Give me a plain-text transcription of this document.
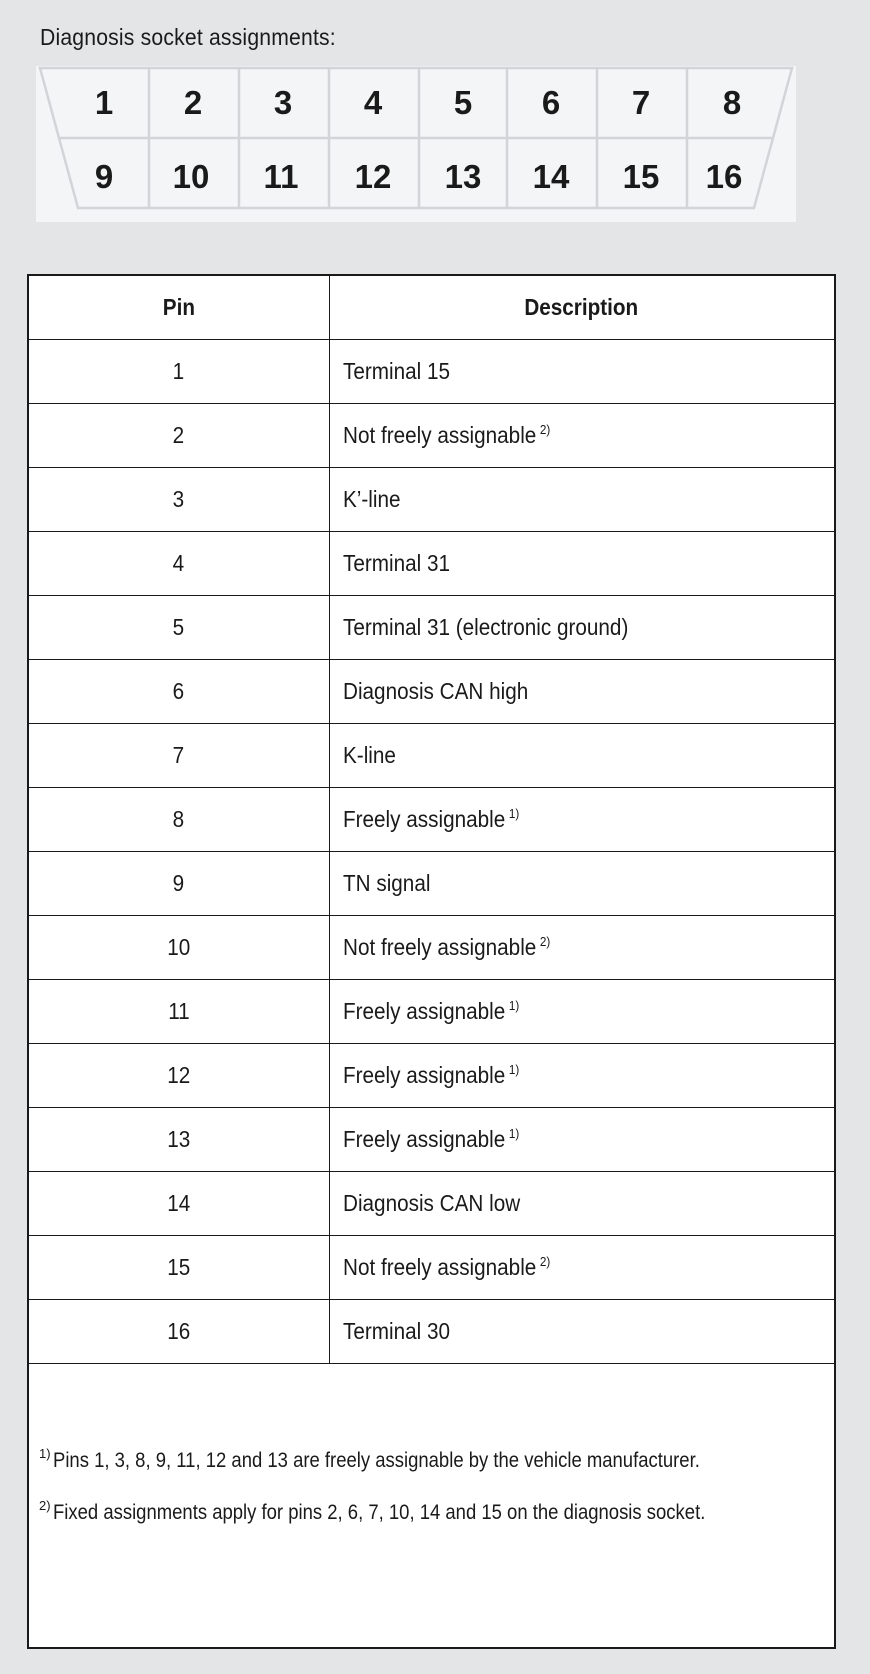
Diagnosis socket assignments:
1 2 3 4 5 6 7 8
9 10 11 12 13 14 15 16
Pin	Description
1	Terminal 15
2	Not freely assignable $^{2)}$
3	K’-line
4	Terminal 31
5	Terminal 31 (electronic ground)
6	Diagnosis CAN high
7	K-line
8	Freely assignable $^{1)}$
9	TN signal
10	Not freely assignable $^{2)}$
11	Freely assignable $^{1)}$
12	Freely assignable $^{1)}$
13	Freely assignable $^{1)}$
14	Diagnosis CAN low
15	Not freely assignable $^{2)}$
16	Terminal 30
$^{1)}$Pins 1, 3, 8, 9, 11, 12 and 13 are freely assignable by the vehicle manufacturer.
$^{2)}$Fixed assignments apply for pins 2, 6, 7, 10, 14 and 15 on the diagnosis socket.
